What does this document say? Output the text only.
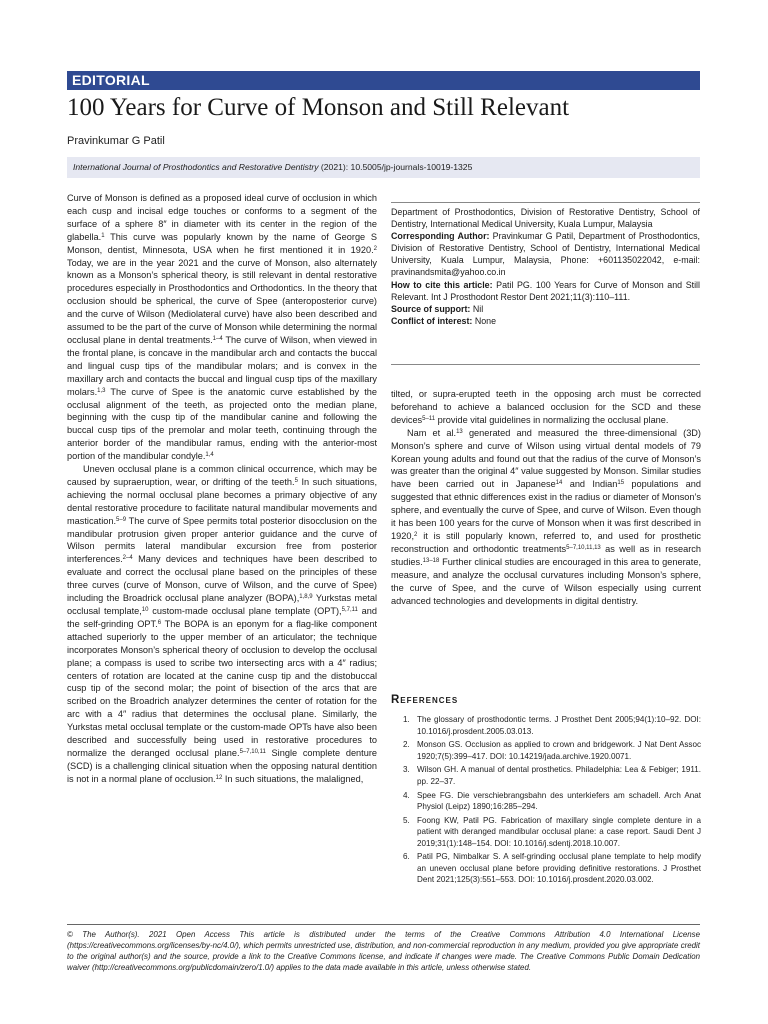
EDITORIAL
100 Years for Curve of Monson and Still Relevant
Pravinkumar G Patil
International Journal of Prosthodontics and Restorative Dentistry (2021): 10.5005/jp-journals-10019-1325

Curve of Monson is defined as a proposed ideal curve of occlusion in which each cusp and incisal edge touches or conforms to a segment of the surface of a sphere 8″ in diameter with its center in the region of the glabella.$^1$ This curve was popularly known by the name of George S Monson, dentist, Minnesota, USA when he first mentioned it in 1920.$^2$ Today, we are in the year 2021 and the curve of Monson, also alternately known as a Monson’s spherical theory, is still relevant in dental restorative procedures especially in Prosthodontics and Orthodontics. In the theory that occlusion should be spherical, the curve of Spee (anteroposterior curve) and the curve of Wilson (Mediolateral curve) have also been described and assumed to be the part of the curve of Monson while determining the normal occlusal plane in dental treatments.$^{1-4}$ The curve of Wilson, when viewed in the frontal plane, is concave in the mandibular arch and contacts the buccal and lingual cusp tips of the mandibular molars; and is convex in the maxillary arch and contacts the buccal and lingual cusp tips of the maxillary molars.$^{1,3}$ The curve of Spee is the anatomic curve established by the occlusal alignment of the teeth, as projected onto the median plane, beginning with the cusp tip of the mandibular canine and following the buccal cusp tips of the premolar and molar teeth, continuing through the anterior border of the mandibular ramus, ending with the anterior-most portion of the mandibular condyle.$^{1,4}$

Uneven occlusal plane is a common clinical occurrence, which may be caused by supraeruption, wear, or drifting of the teeth.$^5$ In such situations, achieving the normal occlusal plane becomes a primary objective of any dental restorative procedure to facilitate natural mandibular movements and mastication.$^{5-9}$ The curve of Spee permits total posterior disocclusion on the mandibular protrusion given proper anterior guidance and the curve of Wilson permits lateral mandibular excursion free from posterior interferences.$^{2-4}$ Many devices and techniques have been described to evaluate and correct the occlusal plane based on the principles of these three curves (curve of Monson, curve of Wilson, and the curve of Spee) including the Broadrick occlusal plane analyzer (BOPA),$^{1,8,9}$ Yurkstas metal occlusal template,$^{10}$ custom-made occlusal plane template (OPT),$^{5,7,11}$ and the self-grinding OPT.$^6$ The BOPA is an eponym for a flag-like component attached superiorly to the upper member of an articulator; the technique incorporates Monson’s spherical theory of occlusion to develop the occlusal plane; a compass is used to scribe two intersecting arcs with a 4″ radius; centers of rotation are located at the canine cusp tip and the distobuccal cusp tip of the second molar; the point of bisection of the arcs that are scribed on the Broadrich analyzer determines the center of rotation for the arc with a 4″ radius that determines the occlusal plane. Similarly, the Yurkstas metal occlusal template or the custom-made OPTs have also been described and successfully being used in restorative procedures to normalize the deranged occlusal plane.$^{5-7,10,11}$ Single complete denture (SCD) is a challenging clinical situation when the opposing natural dentition is not in a normal plane of occlusion.$^{12}$ In such situations, the malaligned,

Department of Prosthodontics, Division of Restorative Dentistry, School of Dentistry, International Medical University, Kuala Lumpur, Malaysia

Corresponding Author: Pravinkumar G Patil, Department of Prosthodontics, Division of Restorative Dentistry, School of Dentistry, International Medical University, Kuala Lumpur, Malaysia, Phone: +601135022042, e-mail: pravinandsmita@yahoo.co.in

How to cite this article: Patil PG. 100 Years for Curve of Monson and Still Relevant. Int J Prosthodont Restor Dent 2021;11(3):110–111.

Source of support: Nil

Conflict of interest: None

tilted, or supra-erupted teeth in the opposing arch must be corrected beforehand to achieve a balanced occlusion for the SCD and these devices$^{5-11}$ provide vital guidelines in normalizing the occlusal plane.

Nam et al.$^{13}$ generated and measured the three-dimensional (3D) Monson’s sphere and curve of Wilson using virtual dental models of 79 Korean young adults and found out that the radius of the curve of Monson’s was greater than the original 4″ value suggested by Monson. Similar studies have been carried out in Japanese$^{14}$ and Indian$^{15}$ populations and suggested that ethnic differences exist in the radius or diameter of Monson’s sphere, and eventually the curve of Spee, and curve of Wilson. Even though it has been 100 years for the curve of Monson when it was first described in 1920,$^2$ it is still popularly known, referred to, and used for prosthetic reconstruction and orthodontic treatments$^{5-7,10,11,13}$ as well as in research studies.$^{13-18}$ Further clinical studies are encouraged in this area to generate, measure, and analyze the occlusal curvatures including Monson’s sphere, the curve of Spee, and the curve of Wilson especially using current advanced technologies and developments in digital dentistry.

References
1. The glossary of prosthodontic terms. J Prosthet Dent 2005;94(1):10–92. DOI: 10.1016/j.prosdent.2005.03.013.
2. Monson GS. Occlusion as applied to crown and bridgework. J Nat Dent Assoc 1920;7(5):399–417. DOI: 10.14219/jada.archive.1920.0071.
3. Wilson GH. A manual of dental prosthetics. Philadelphia: Lea & Febiger; 1911. pp. 22–37.
4. Spee FG. Die verschiebrangsbahn des unterkiefers am schadell. Arch Anat Physiol (Leipz) 1890;16:285–294.
5. Foong KW, Patil PG. Fabrication of maxillary single complete denture in a patient with deranged mandibular occlusal plane: a case report. Saudi Dent J 2019;31(1):148–154. DOI: 10.1016/j.sdentj.2018.10.007.
6. Patil PG, Nimbalkar S. A self-grinding occlusal plane template to help modify an uneven occlusal plane before providing definitive restorations. J Prosthet Dent 2021;125(3):551–553. DOI: 10.1016/j.prosdent.2020.03.002.
© The Author(s). 2021 Open Access This article is distributed under the terms of the Creative Commons Attribution 4.0 International License (https://creativecommons.org/licenses/by-nc/4.0/), which permits unrestricted use, distribution, and non-commercial reproduction in any medium, provided you give appropriate credit to the original author(s) and the source, provide a link to the Creative Commons license, and indicate if changes were made. The Creative Commons Public Domain Dedication waiver (http://creativecommons.org/publicdomain/zero/1.0/) applies to the data made available in this article, unless otherwise stated.
